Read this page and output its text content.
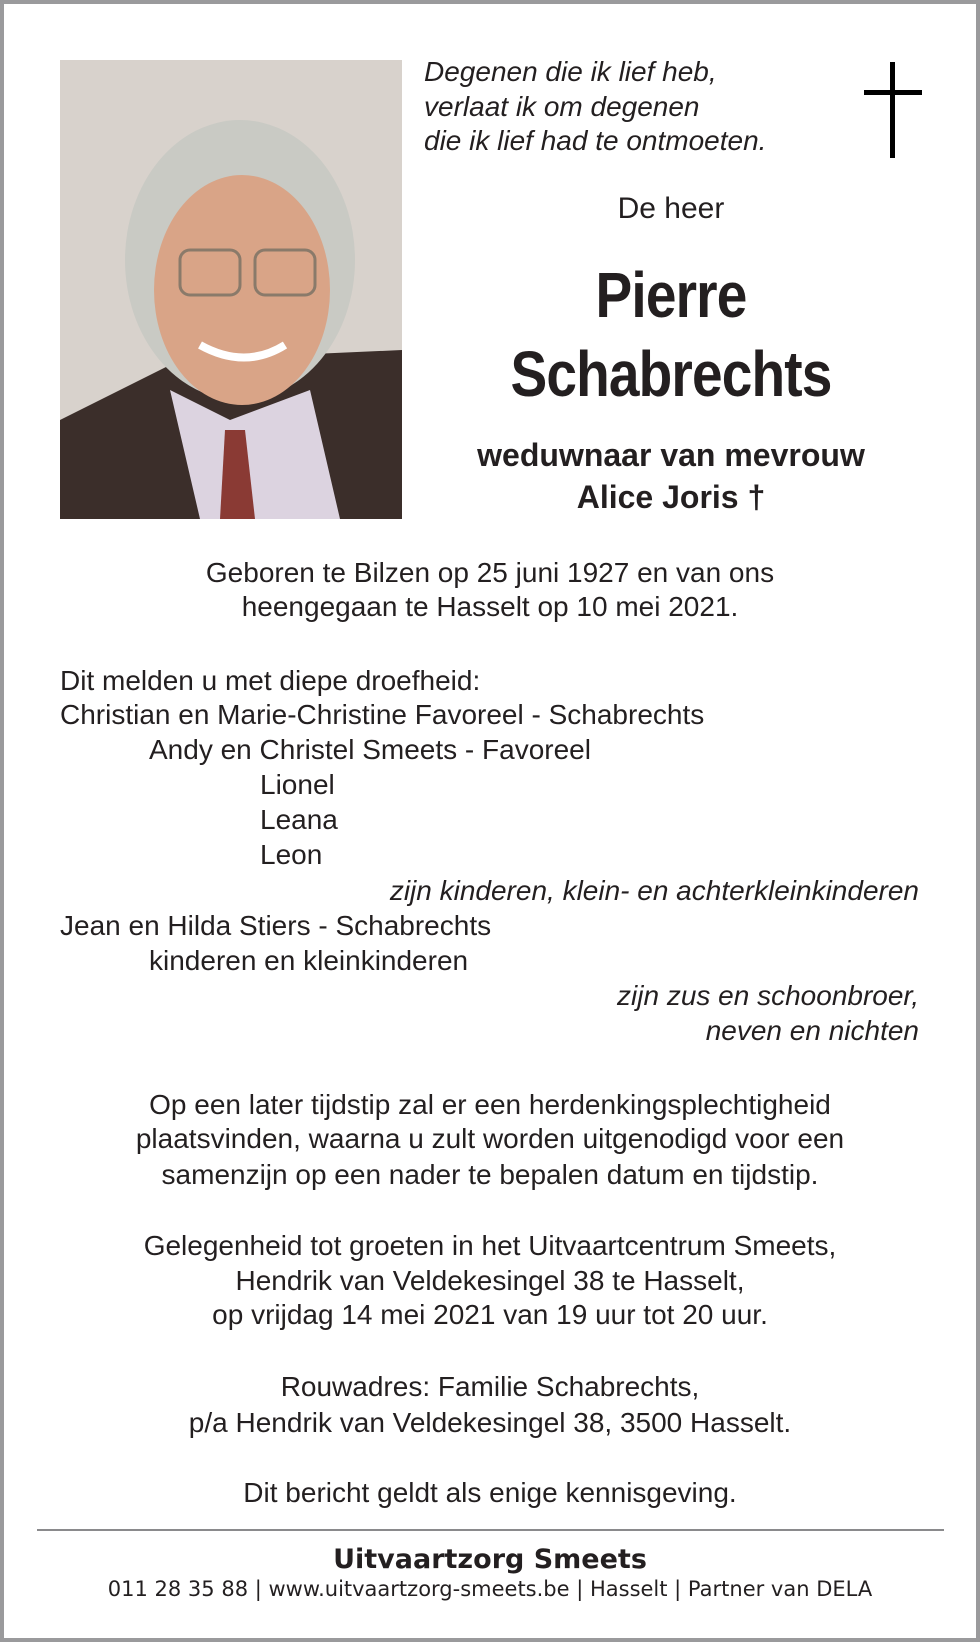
Degenen die ik lief heb,
verlaat ik om degenen
die ik lief had te ontmoeten.
De heer
Pierre
Schabrechts
weduwnaar van mevrouw
Alice Joris †
Geboren te Bilzen op 25 juni 1927 en van ons
heengegaan te Hasselt op 10 mei 2021.
Dit melden u met diepe droefheid:
Christian en Marie-Christine Favoreel - Schabrechts
Andy en Christel Smeets - Favoreel
Lionel
Leana
Leon
zijn kinderen, klein- en achterkleinkinderen
Jean en Hilda Stiers - Schabrechts
kinderen en kleinkinderen
zijn zus en schoonbroer,
neven en nichten
Op een later tijdstip zal er een herdenkingsplechtigheid
plaatsvinden, waarna u zult worden uitgenodigd voor een
samenzijn op een nader te bepalen datum en tijdstip.
Gelegenheid tot groeten in het Uitvaartcentrum Smeets,
Hendrik van Veldekesingel 38 te Hasselt,
op vrijdag 14 mei 2021 van 19 uur tot 20 uur.
Rouwadres: Familie Schabrechts,
p/a Hendrik van Veldekesingel 38, 3500 Hasselt.
Dit bericht geldt als enige kennisgeving.
Uitvaartzorg Smeets
011 28 35 88 | www.uitvaartzorg-smeets.be | Hasselt | Partner van DELA
